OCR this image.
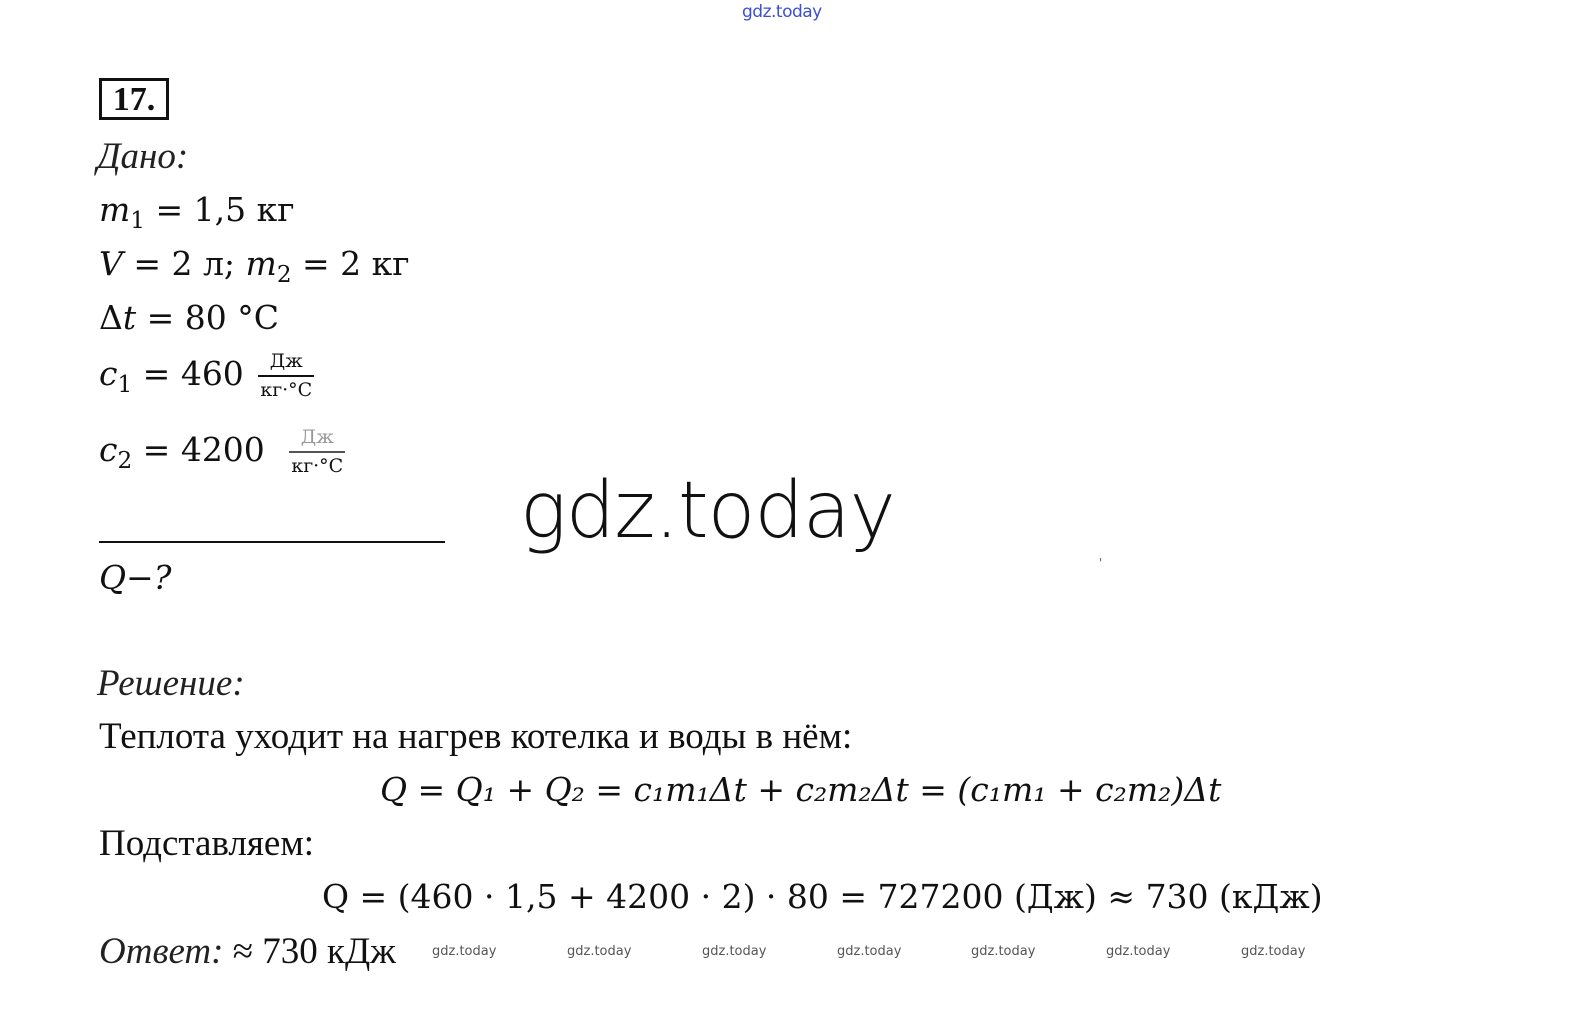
gdz.today
17.
Дано:
$m_1 = 1,5$ кг
V = 2 л; $m_2 = 2$ кг
Δt = 80 °C
$c_1 = 460 \frac{Дж}{кг\cdot^\circ C}$
$c_2 = 4200 \frac{Дж}{кг\cdot^\circ C}$
gdz.today
'
Q−?
Решение:
Теплота уходит на нагрев котелка и воды в нём:
Q = Q₁ + Q₂ = c₁m₁Δt + c₂m₂Δt = (c₁m₁ + c₂m₂)Δt
Подставляем:
Q = (460 · 1,5 + 4200 · 2) · 80 = 727200 (Дж) ≈ 730 (кДж)
Ответ: ≈ 730 кДж	gdz.today	gdz.today	gdz.today	gdz.today	gdz.today	gdz.today	gdz.today
